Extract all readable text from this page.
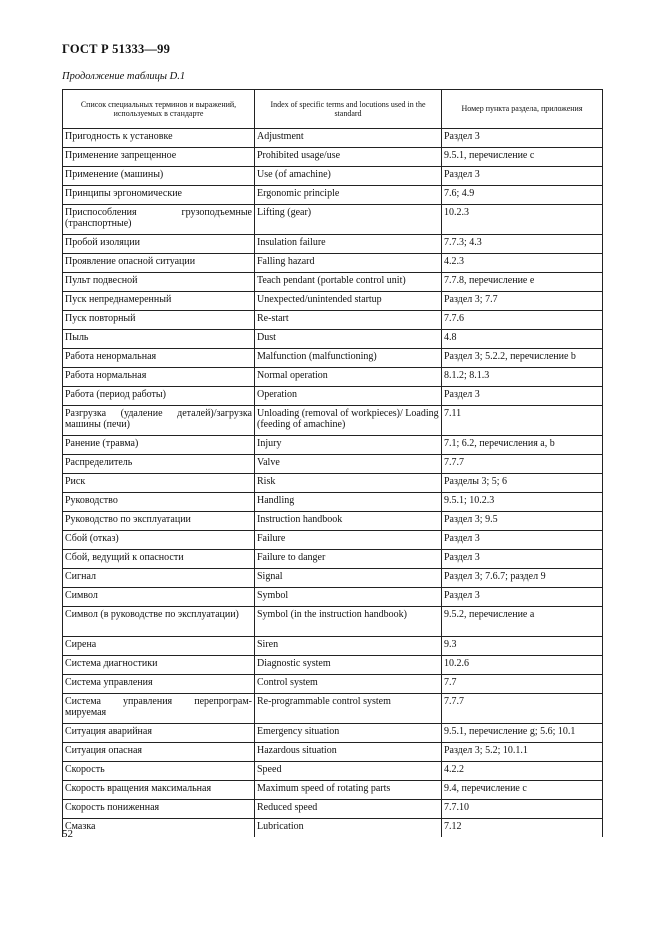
ГОСТ Р 51333—99
Продолжение таблицы D.1
Список специальных терминов и выражений, используемых в стандарте	Index of specific terms and locutions used in the standard	Номер пункта раздела, приложения
Пригодность к установке	Adjustment	Раздел 3
Применение запрещенное	Prohibited usage/use	9.5.1, перечисление с
Применение (машины)	Use (of amachine)	Раздел 3
Принципы эргономические	Ergonomic principle	7.6; 4.9
Приспособления грузоподъемные (транспортные)	Lifting (gear)	10.2.3
Пробой изоляции	Insulation failure	7.7.3; 4.3
Проявление опасной ситуации	Falling hazard	4.2.3
Пульт подвесной	Teach pendant (portable control unit)	7.7.8, перечисление е
Пуск непреднамеренный	Unexpected/unintended startup	Раздел 3; 7.7
Пуск повторный	Re-start	7.7.6
Пыль	Dust	4.8
Работа ненормальная	Malfunction (malfunctioning)	Раздел 3; 5.2.2, перечисление b
Работа нормальная	Normal operation	8.1.2; 8.1.3
Работа (период работы)	Operation	Раздел 3
Разгрузка (удаление деталей)/загрузка машины (печи)	Unloading (removal of workpieces)/ Loading (feeding of amachine)	7.11
Ранение (травма)	Injury	7.1; 6.2, перечисления a, b
Распределитель	Valve	7.7.7
Риск	Risk	Разделы 3; 5; 6
Руководство	Handling	9.5.1; 10.2.3
Руководство по эксплуатации	Instruction handbook	Раздел 3; 9.5
Сбой (отказ)	Failure	Раздел 3
Сбой, ведущий к опасности	Failure to danger	Раздел 3
Сигнал	Signal	Раздел 3; 7.6.7; раздел 9
Символ	Symbol	Раздел 3
Символ (в руководстве по эксплуатации)	Symbol (in the instruction handbook)	9.5.2, перечисление а
Сирена	Siren	9.3
Система диагностики	Diagnostic system	10.2.6
Система управления	Control system	7.7
Система управления перепрограм- мируемая	Re-programmable control system	7.7.7
Ситуация аварийная	Emergency situation	9.5.1, перечисление g; 5.6; 10.1
Ситуация опасная	Hazardous situation	Раздел 3; 5.2; 10.1.1
Скорость	Speed	4.2.2
Скорость вращения максимальная	Maximum speed of rotating parts	9.4, перечисление с
Скорость пониженная	Reduced speed	7.7.10
Смазка	Lubrication	7.12
52
